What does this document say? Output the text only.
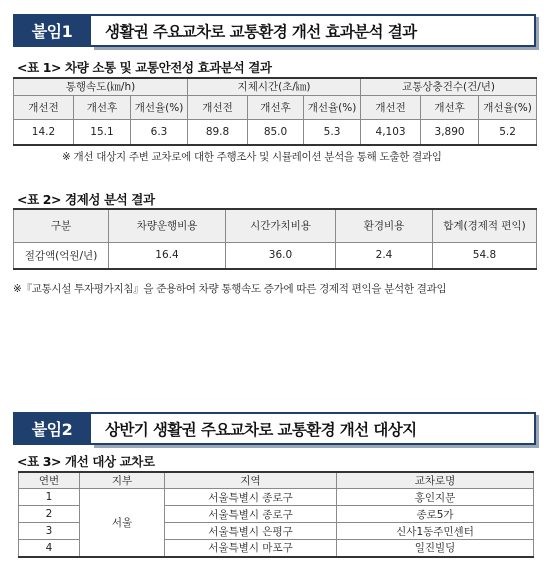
붙임1	생활권 주요교차로 교통환경 개선 효과분석 결과
<표 1> 차량 소통 및 교통안전성 효과분석 결과
통행속도(㎞/h)			지체시간(초/㎞)			교통상충건수(건/년)		
개선전	개선후	개선율(%)	개선전	개선후	개선율(%)	개선전	개선후	개선율(%)
14.2	15.1	6.3	89.8	85.0	5.3	4,103	3,890	5.2
※ 개선 대상지 주변 교차로에 대한 주행조사 및 시뮬레이션 분석을 통해 도출한 결과임
<표 2> 경제성 분석 결과
구분	차량운행비용	시간가치비용	환경비용	합계(경제적 편익)
절감액(억원/년)	16.4	36.0	2.4	54.8
※『교통시설 투자평가지침』을 준용하여 차량 통행속도 증가에 따른 경제적 편익을 분석한 결과임
붙임2	상반기 생활권 주요교차로 교통환경 개선 대상지
<표 3> 개선 대상 교차로
연번	지부	지역	교차로명
1	서울	서울특별시 종로구	홍인지문
2		서울특별시 종로구	종로5가
3		서울특별시 은평구	신사1동주민센터
4		서울특별시 마포구	일진빌딩
